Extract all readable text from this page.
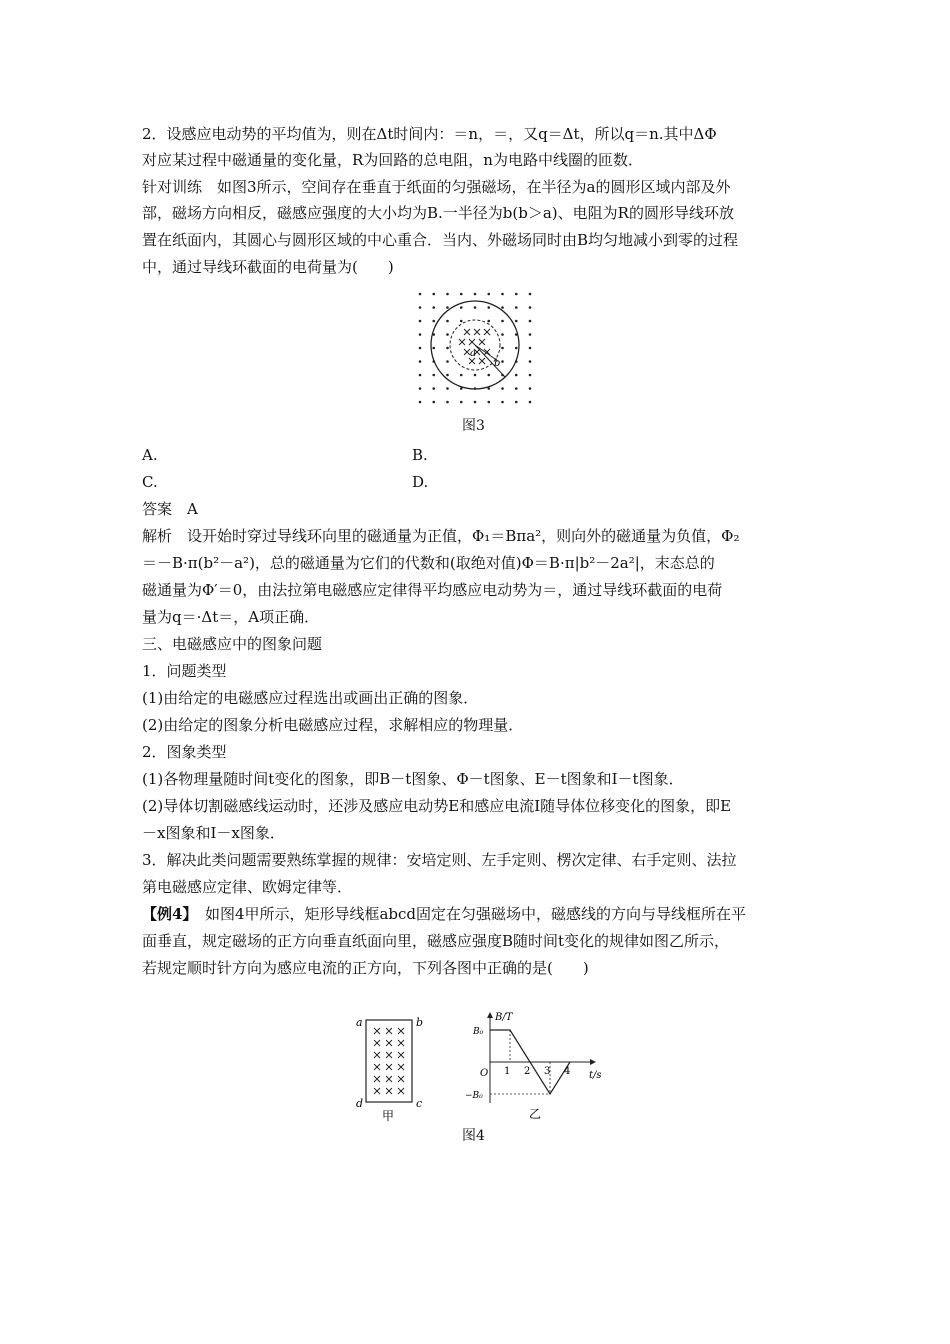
2．设感应电动势的平均值为，则在Δt时间内：＝n，＝，又q＝Δt，所以q＝n.其中ΔΦ
对应某过程中磁通量的变化量，R为回路的总电阻，n为电路中线圈的匝数．
针对训练　如图3所示，空间存在垂直于纸面的匀强磁场，在半径为a的圆形区域内部及外
部，磁场方向相反，磁感应强度的大小均为B.一半径为b(b＞a)、电阻为R的圆形导线环放
置在纸面内，其圆心与圆形区域的中心重合．当内、外磁场同时由B均匀地减小到零的过程
中，通过导线环截面的电荷量为(　　)
a
b
图3
A.	B.
C.	D.
答案　A
解析　设开始时穿过导线环向里的磁通量为正值，Φ₁＝Bπa²，则向外的磁通量为负值，Φ₂
＝－B·π(b²－a²)，总的磁通量为它们的代数和(取绝对值)Φ＝B·π|b²－2a²|，末态总的
磁通量为Φ′＝0，由法拉第电磁感应定律得平均感应电动势为＝，通过导线环截面的电荷
量为q＝·Δt＝，A项正确．
三、电磁感应中的图象问题
1．问题类型
(1)由给定的电磁感应过程选出或画出正确的图象．
(2)由给定的图象分析电磁感应过程，求解相应的物理量．
2．图象类型
(1)各物理量随时间t变化的图象，即B－t图象、Φ－t图象、E－t图象和I－t图象．
(2)导体切割磁感线运动时，还涉及感应电动势E和感应电流I随导体位移变化的图象，即E
－x图象和I－x图象．
3．解决此类问题需要熟练掌握的规律：安培定则、左手定则、楞次定律、右手定则、法拉
第电磁感应定律、欧姆定律等．
【例4】　如图4甲所示，矩形导线框abcd固定在匀强磁场中，磁感线的方向与导线框所在平
面垂直，规定磁场的正方向垂直纸面向里，磁感应强度B随时间t变化的规律如图乙所示，
若规定顺时针方向为感应电流的正方向，下列各图中正确的是(　　)
a	b
c
d
甲
1 2 3 4
B/T
t/s
O
B₀
−B₀
乙
图4
